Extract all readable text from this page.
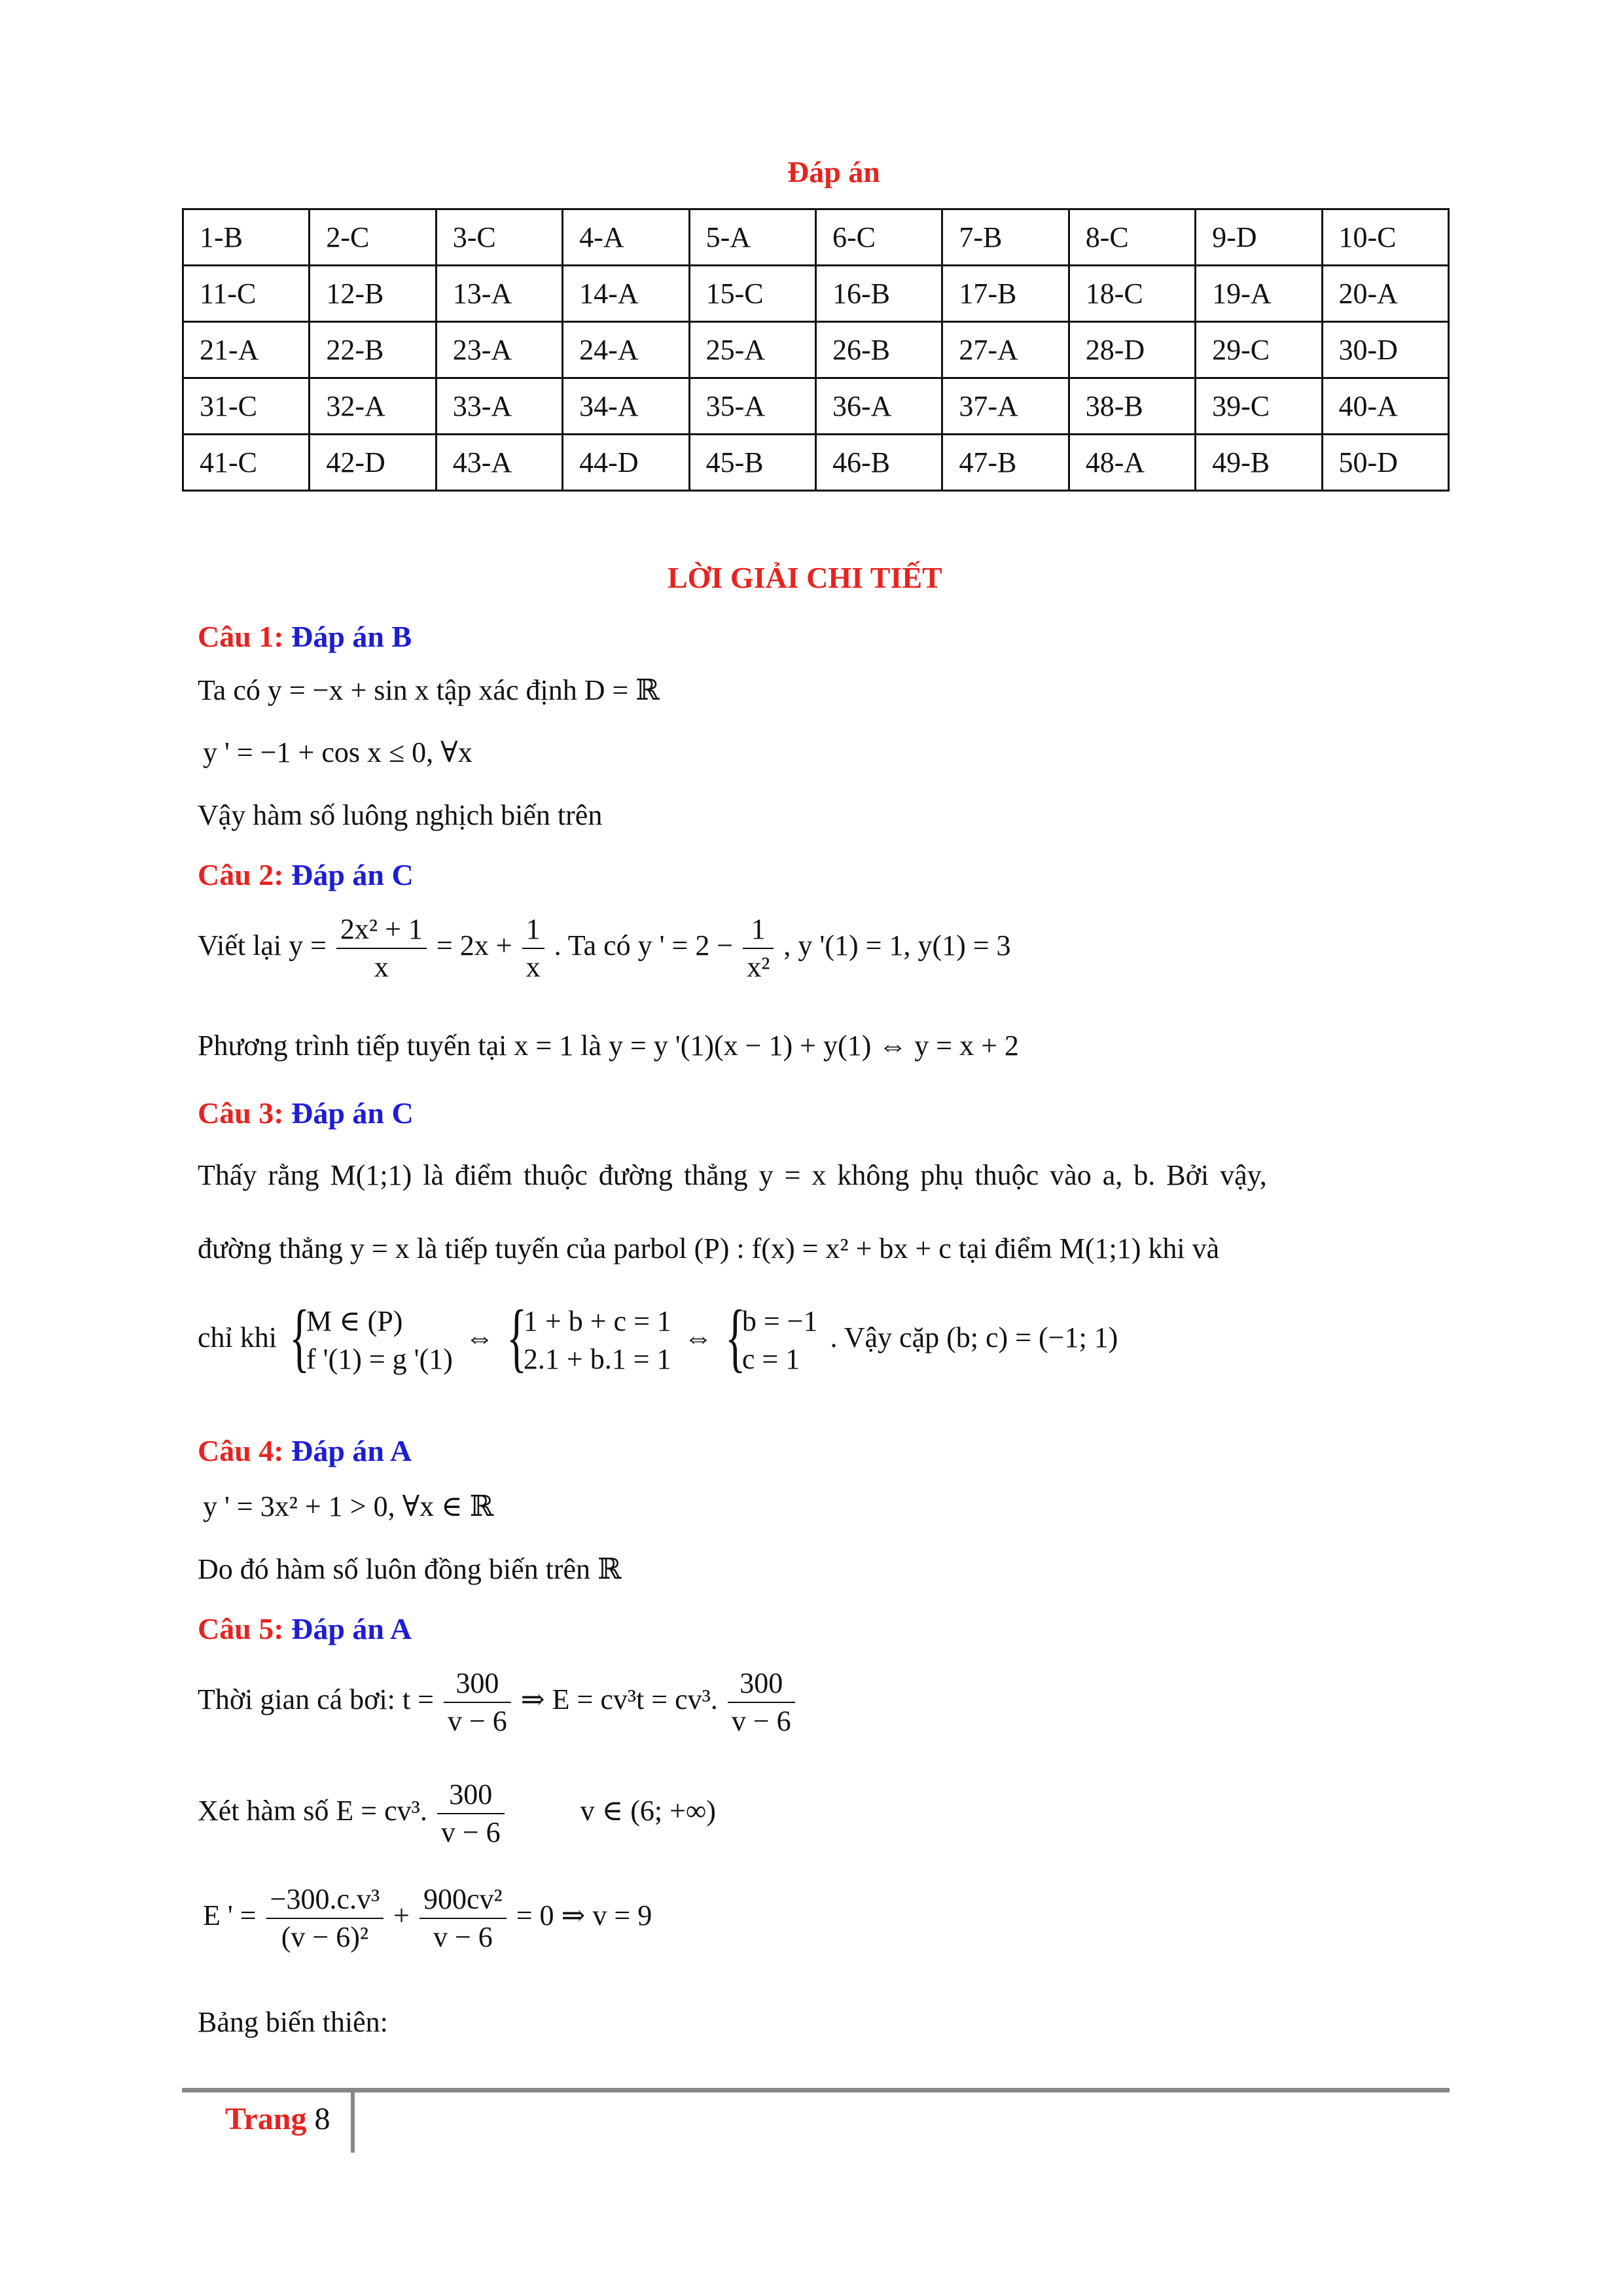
Đáp án
1-B	2-C	3-C	4-A	5-A	6-C	7-B	8-C	9-D	10-C
11-C	12-B	13-A	14-A	15-C	16-B	17-B	18-C	19-A	20-A
21-A	22-B	23-A	24-A	25-A	26-B	27-A	28-D	29-C	30-D
31-C	32-A	33-A	34-A	35-A	36-A	37-A	38-B	39-C	40-A
41-C	42-D	43-A	44-D	45-B	46-B	47-B	48-A	49-B	50-D
LỜI GIẢI CHI TIẾT
Câu 1: Đáp án B
Ta có y = −x + sin x tập xác định D = ℝ
y ' = −1 + cos x ≤ 0, ∀x
Vậy hàm số luông nghịch biến trên
Câu 2: Đáp án C
Viết lại $y = \frac{\text{2x² + 1}}{x} = 2x + \frac{1}{x}$ . Ta có y ' = $2 - \frac{1}{\text{x²}}$ , y '(1) = 1, y(1) = 3
Phương trình tiếp tuyến tại x = 1 là y = y '(1)(x − 1) + y(1) ⇔ y = x + 2
Câu 3: Đáp án C
Thấy rằng M(1;1) là điểm thuộc đường thẳng y = x không phụ thuộc vào a, b. Bởi vậy,
đường thẳng y = x là tiếp tuyến của parbol (P) : f(x) = x² + bx + c tại điểm M(1;1) khi và
chỉ khi {
M ∈ (P)
f '(1) = g '(1)
⇔ {
1 + b + c = 1
2.1 + b.1 = 1
⇔ {
b = −1
c = 1
. Vậy cặp (b; c) = (−1; 1)
Câu 4: Đáp án A
y ' = 3x² + 1 > 0, ∀x ∈ ℝ
Do đó hàm số luôn đồng biến trên ℝ
Câu 5: Đáp án A
Thời gian cá bơi: $t = \frac{300}{v - 6}$ ⇒ E = cv³t = cv³. $\frac{300}{v - 6}$
Xét hàm số E = cv³. $\frac{300}{v - 6}$	v ∈ (6; +∞)
E ' = $\frac{\text{−300.c.v³}}{\text{(v − 6)²}} + \frac{\text{900cv²}}{v - 6} = 0$ ⇒ v = 9
Bảng biến thiên:
Trang 8
